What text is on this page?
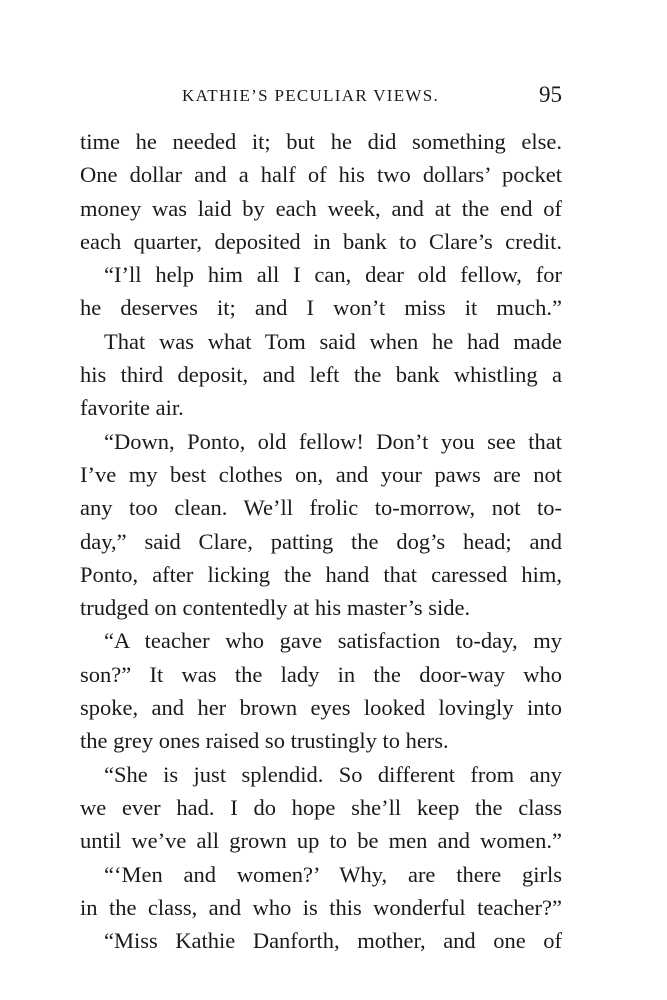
KATHIE’S PECULIAR VIEWS.	95
time he needed it; but he did something else.
One dollar and a half of his two dollars’ pocket
money was laid by each week, and at the end of
each quarter, deposited in bank to Clare’s credit.
“I’ll help him all I can, dear old fellow, for
he deserves it; and I won’t miss it much.”
That was what Tom said when he had made
his third deposit, and left the bank whistling a
favorite air.
“Down, Ponto, old fellow! Don’t you see that
I’ve my best clothes on, and your paws are not
any too clean. We’ll frolic to-morrow, not to-
day,” said Clare, patting the dog’s head; and
Ponto, after licking the hand that caressed him,
trudged on contentedly at his master’s side.
“A teacher who gave satisfaction to-day, my
son?” It was the lady in the door-way who
spoke, and her brown eyes looked lovingly into
the grey ones raised so trustingly to hers.
“She is just splendid. So different from any
we ever had. I do hope she’ll keep the class
until we’ve all grown up to be men and women.”
“‘Men and women?’ Why, are there girls
in the class, and who is this wonderful teacher?”
“Miss Kathie Danforth, mother, and one of
